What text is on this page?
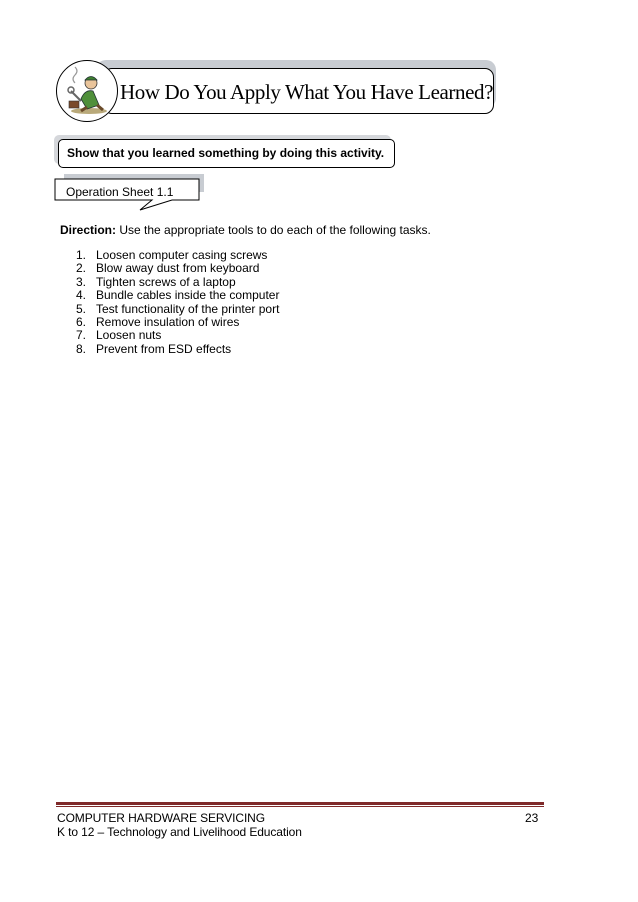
How Do You Apply What You Have Learned?
Show that you learned something by doing this activity.
Operation Sheet 1.1
Direction: Use the appropriate tools to do each of the following tasks.
1. Loosen computer casing screws
2. Blow away dust from keyboard
3. Tighten screws of a laptop
4. Bundle cables inside the computer
5. Test functionality of the printer port
6. Remove insulation of wires
7. Loosen nuts
8. Prevent from ESD effects
COMPUTER HARDWARE SERVICING
K to 12 – Technology and Livelihood Education
23
